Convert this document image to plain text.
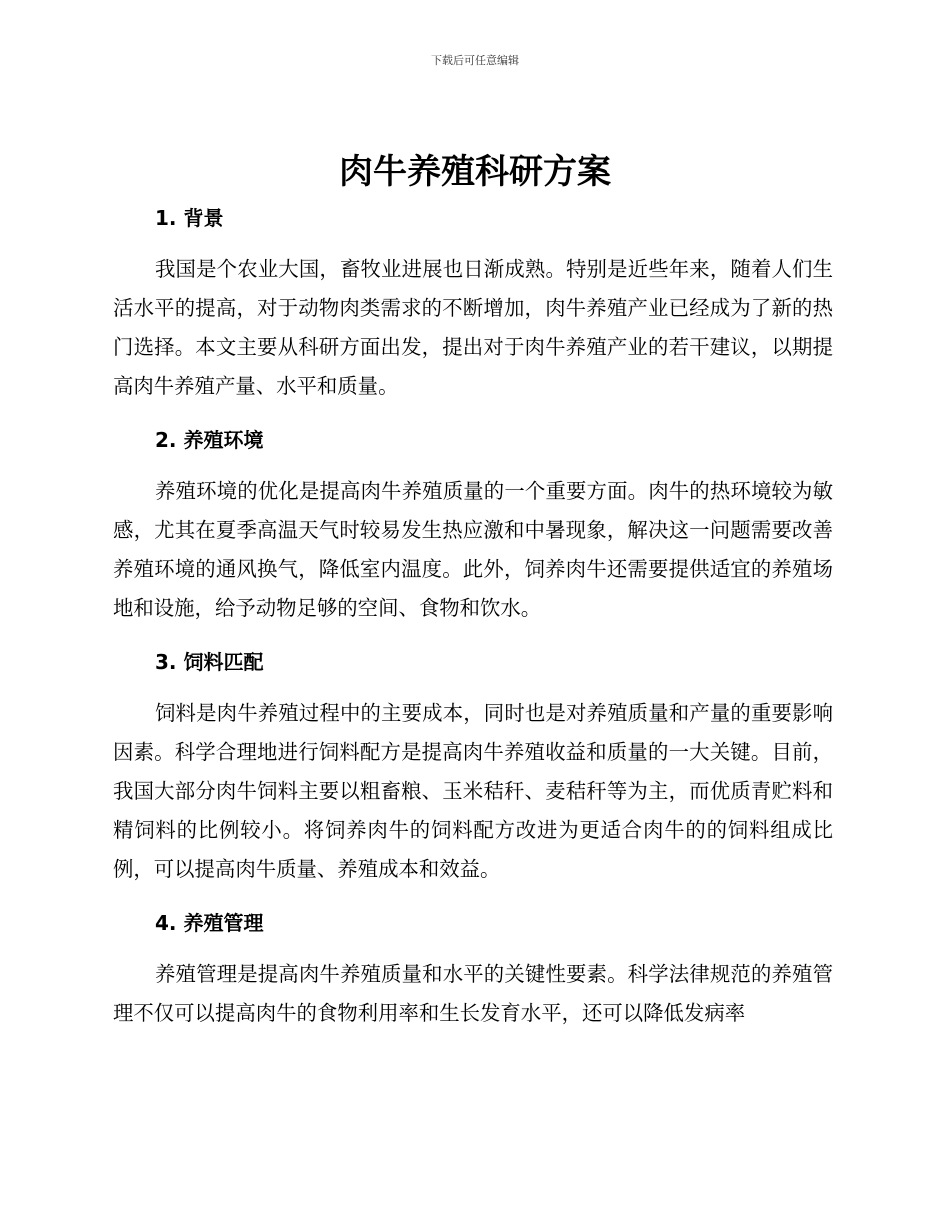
下载后可任意编辑
肉牛养殖科研方案
1. 背景

我国是个农业大国，畜牧业进展也日渐成熟。特别是近些年来，随着人们生活水平的提高，对于动物肉类需求的不断增加，肉牛养殖产业已经成为了新的热门选择。本文主要从科研方面出发，提出对于肉牛养殖产业的若干建议，以期提高肉牛养殖产量、水平和质量。

2. 养殖环境

养殖环境的优化是提高肉牛养殖质量的一个重要方面。肉牛的热环境较为敏感，尤其在夏季高温天气时较易发生热应激和中暑现象，解决这一问题需要改善养殖环境的通风换气，降低室内温度。此外，饲养肉牛还需要提供适宜的养殖场地和设施，给予动物足够的空间、食物和饮水。

3. 饲料匹配

饲料是肉牛养殖过程中的主要成本，同时也是对养殖质量和产量的重要影响因素。科学合理地进行饲料配方是提高肉牛养殖收益和质量的一大关键。目前，我国大部分肉牛饲料主要以粗畜粮、玉米秸秆、麦秸秆等为主，而优质青贮料和精饲料的比例较小。将饲养肉牛的饲料配方改进为更适合肉牛的的饲料组成比例，可以提高肉牛质量、养殖成本和效益。

4. 养殖管理

养殖管理是提高肉牛养殖质量和水平的关键性要素。科学法律规范的养殖管理不仅可以提高肉牛的食物利用率和生长发育水平，还可以降低发病率
